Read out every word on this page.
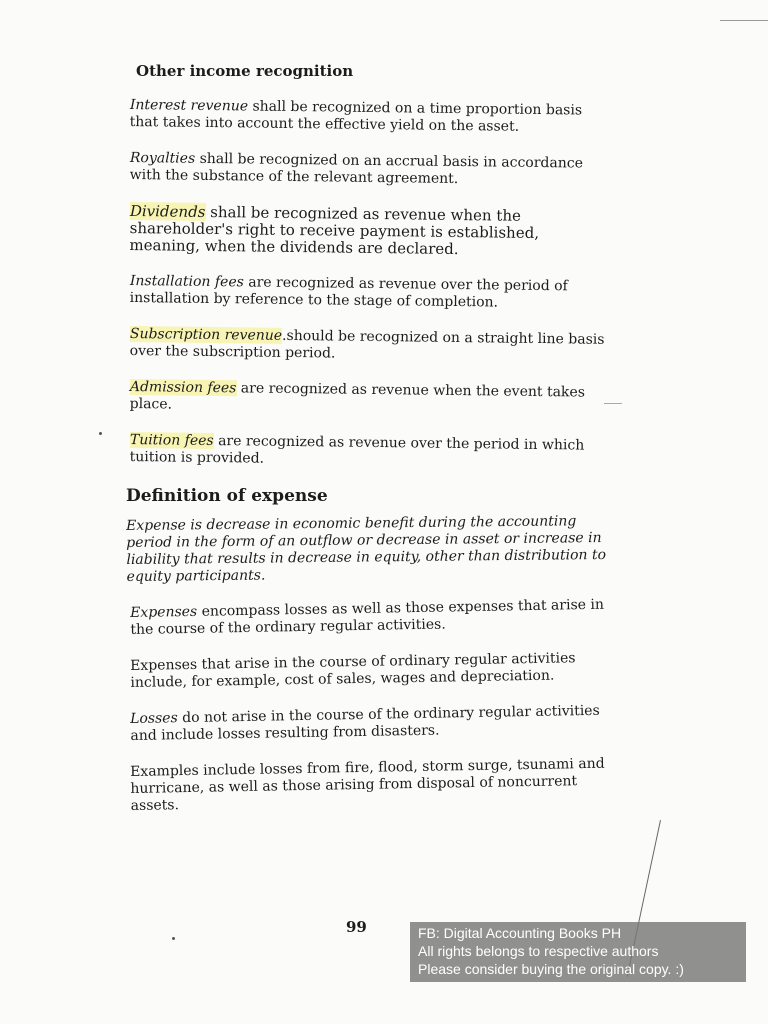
Other income recognition

Interest revenue shall be recognized on a time proportion basis that takes into account the effective yield on the asset.

Royalties shall be recognized on an accrual basis in accordance with the substance of the relevant agreement.

Dividends shall be recognized as revenue when the shareholder's right to receive payment is established, meaning, when the dividends are declared.

Installation fees are recognized as revenue over the period of installation by reference to the stage of completion.

Subscription revenue.should be recognized on a straight line basis over the subscription period.

Admission fees are recognized as revenue when the event takes place.

Tuition fees are recognized as revenue over the period in which tuition is provided.

Definition of expense

Expense is decrease in economic benefit during the accounting period in the form of an outflow or decrease in asset or increase in liability that results in decrease in equity, other than distribution to equity participants.

Expenses encompass losses as well as those expenses that arise in the course of the ordinary regular activities.

Expenses that arise in the course of ordinary regular activities include, for example, cost of sales, wages and depreciation.

Losses do not arise in the course of the ordinary regular activities and include losses resulting from disasters.

Examples include losses from fire, flood, storm surge, tsunami and hurricane, as well as those arising from disposal of noncurrent assets.

99	FB: Digital Accounting Books PH
All rights belongs to respective authors
Please consider buying the original copy. :)
